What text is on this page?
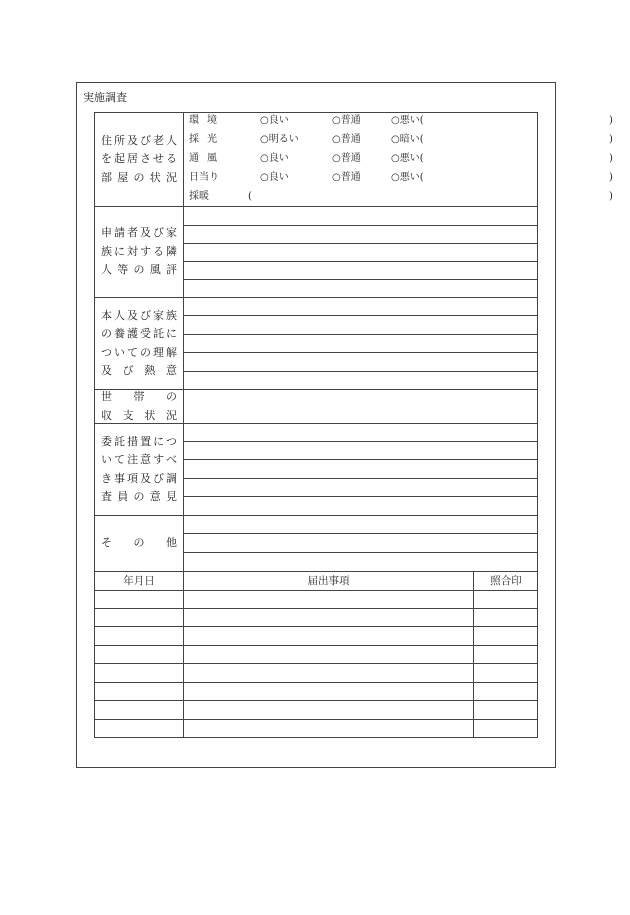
実施調査
住所及び老人
を起居させる
部屋の状況
環境	○良い	○普通	○悪い(	)
採光	○明るい	○普通	○暗い(	)
通風	○良い	○普通	○悪い(	)
日当り	○良い	○普通	○悪い(	)
採暖	(	)
申請者及び家
族に対する隣
人等の風評
本人及び家族
の養護受託に
ついての理解
及び熱意
世帯の
収支状況
委託措置につ
いて注意すべ
き事項及び調
査員の意見
その他
年月日	届出事項	照合印
